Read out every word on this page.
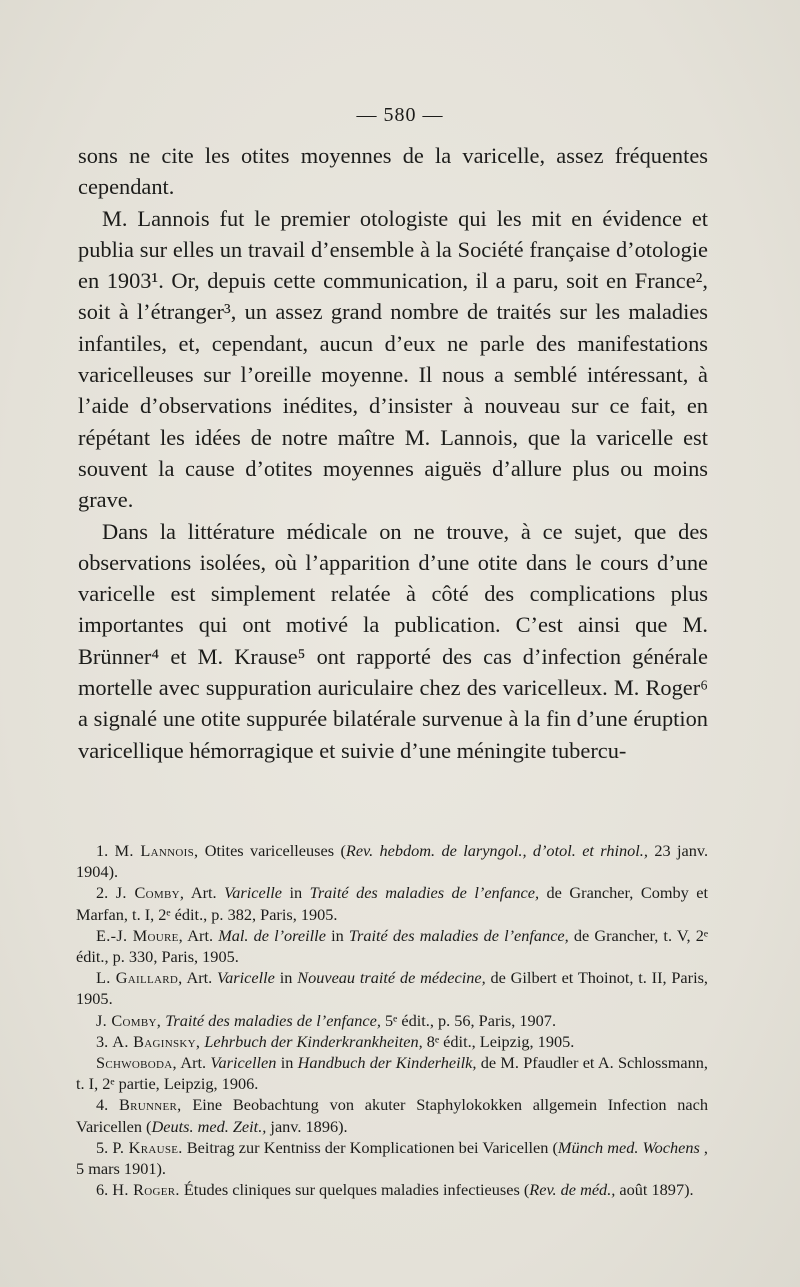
— 580 —

sons ne cite les otites moyennes de la varicelle, assez fréquentes cependant.

M. Lannois fut le premier otologiste qui les mit en évidence et publia sur elles un travail d’ensemble à la Société française d’otologie en 1903¹. Or, depuis cette communication, il a paru, soit en France², soit à l’étranger³, un assez grand nombre de traités sur les maladies infantiles, et, cependant, aucun d’eux ne parle des manifestations varicelleuses sur l’oreille moyenne. Il nous a semblé intéressant, à l’aide d’observations inédites, d’insister à nouveau sur ce fait, en répétant les idées de notre maître M. Lannois, que la varicelle est souvent la cause d’otites moyennes aiguës d’allure plus ou moins grave.

Dans la littérature médicale on ne trouve, à ce sujet, que des observations isolées, où l’apparition d’une otite dans le cours d’une varicelle est simplement relatée à côté des complications plus importantes qui ont motivé la publication. C’est ainsi que M. Brünner⁴ et M. Krause⁵ ont rapporté des cas d’infection générale mortelle avec suppuration auriculaire chez des varicelleux. M. Roger⁶ a signalé une otite suppurée bilatérale survenue à la fin d’une éruption varicellique hémorragique et suivie d’une méningite tubercu-

1. M. Lannois, Otites varicelleuses (Rev. hebdom. de laryngol., d’otol. et rhinol., 23 janv. 1904).

2. J. Comby, Art. Varicelle in Traité des maladies de l’enfance, de Grancher, Comby et Marfan, t. I, 2ᵉ édit., p. 382, Paris, 1905.

E.-J. Moure, Art. Mal. de l’oreille in Traité des maladies de l’enfance, de Grancher, t. V, 2ᵉ édit., p. 330, Paris, 1905.

L. Gaillard, Art. Varicelle in Nouveau traité de médecine, de Gilbert et Thoinot, t. II, Paris, 1905.

J. Comby, Traité des maladies de l’enfance, 5ᵉ édit., p. 56, Paris, 1907.

3. A. Baginsky, Lehrbuch der Kinderkrankheiten, 8ᵉ édit., Leipzig, 1905.

Schwoboda, Art. Varicellen in Handbuch der Kinderheilk, de M. Pfaudler et A. Schlossmann, t. I, 2ᵉ partie, Leipzig, 1906.

4. Brunner, Eine Beobachtung von akuter Staphylokokken allgemein Infection nach Varicellen (Deuts. med. Zeit., janv. 1896).

5. P. Krause. Beitrag zur Kentniss der Komplicationen bei Varicellen (Münch med. Wochens , 5 mars 1901).

6. H. Roger. Études cliniques sur quelques maladies infectieuses (Rev. de méd., août 1897).
